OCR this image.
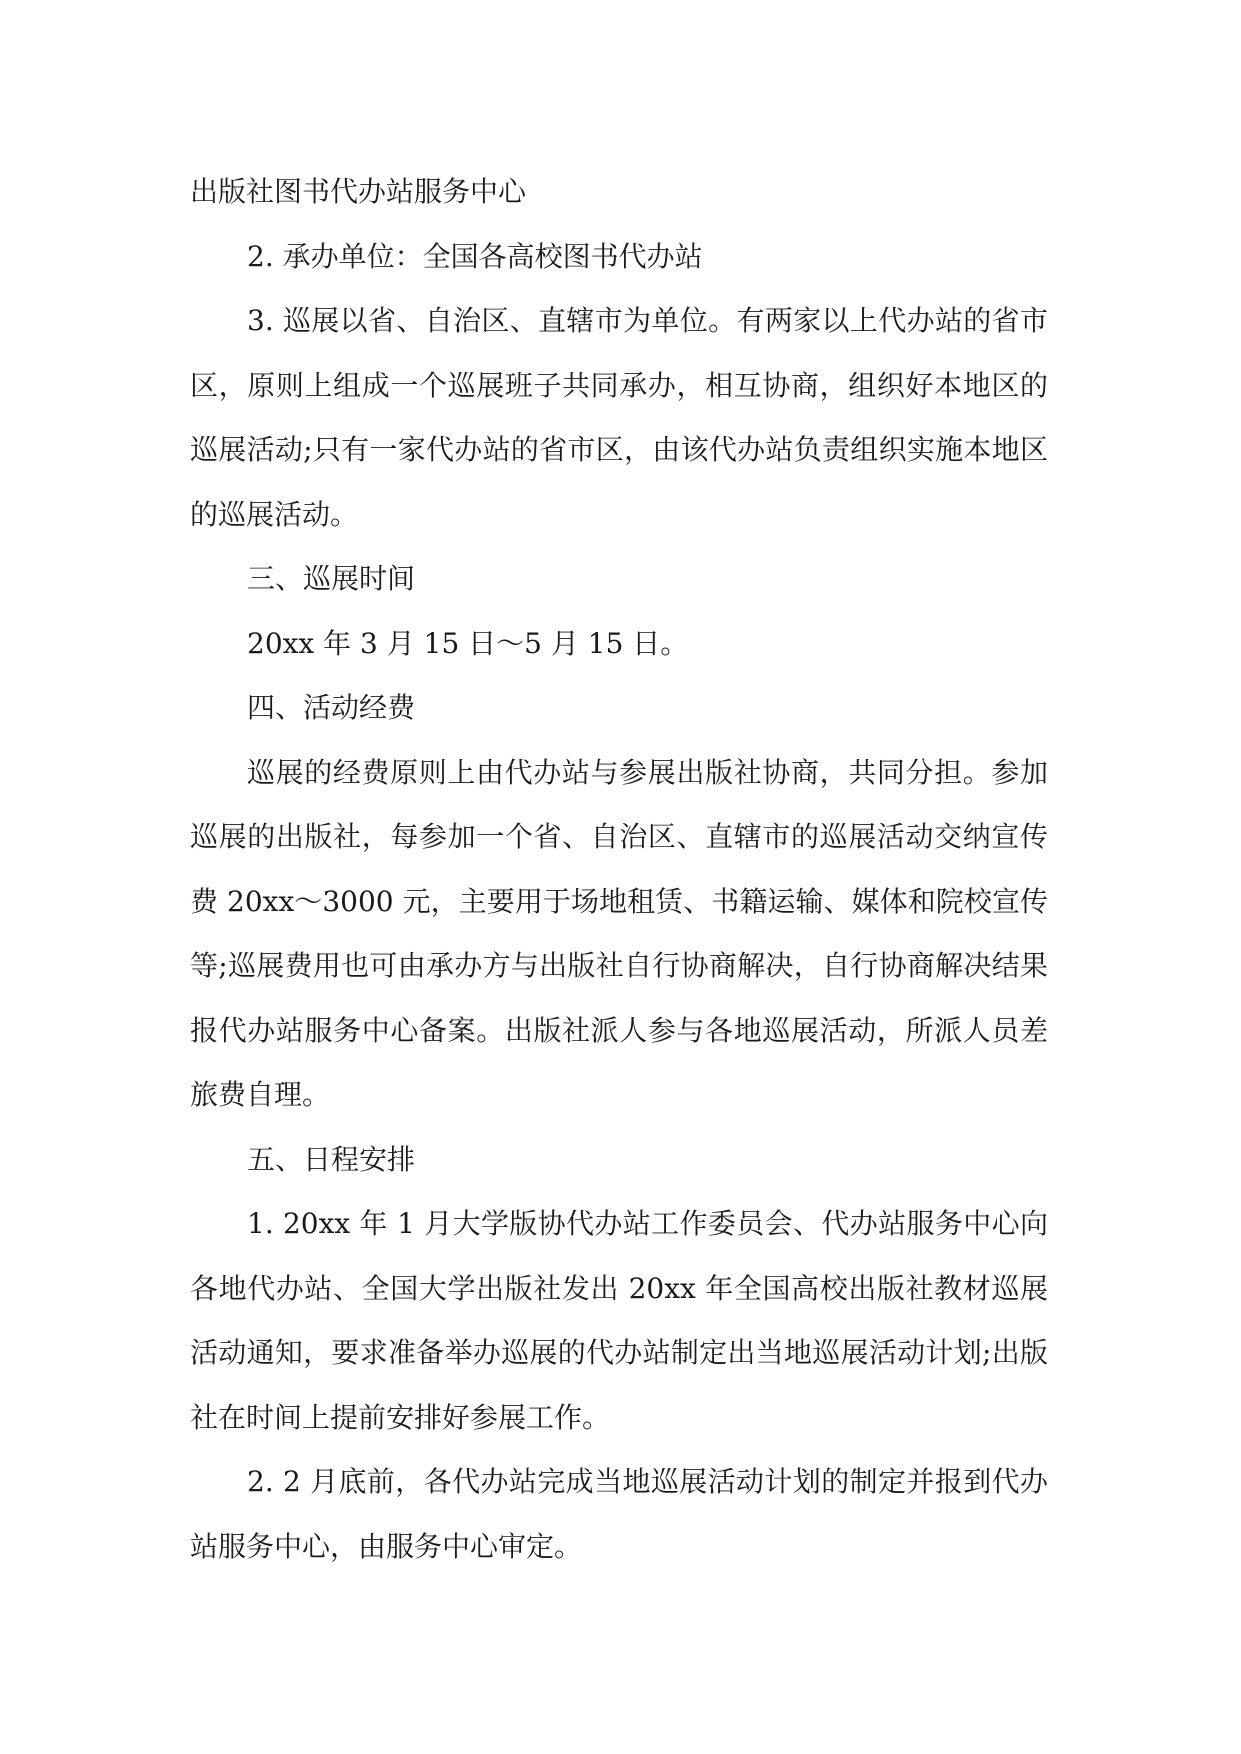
出版社图书代办站服务中心

2. 承办单位：全国各高校图书代办站

3. 巡展以省、自治区、直辖市为单位。有两家以上代办站的省市区，原则上组成一个巡展班子共同承办，相互协商，组织好本地区的巡展活动;只有一家代办站的省市区，由该代办站负责组织实施本地区的巡展活动。

三、巡展时间

20xx 年 3 月 15 日～5 月 15 日。

四、活动经费

巡展的经费原则上由代办站与参展出版社协商，共同分担。参加巡展的出版社，每参加一个省、自治区、直辖市的巡展活动交纳宣传费 20xx～3000 元，主要用于场地租赁、书籍运输、媒体和院校宣传等;巡展费用也可由承办方与出版社自行协商解决，自行协商解决结果报代办站服务中心备案。出版社派人参与各地巡展活动，所派人员差旅费自理。

五、日程安排

1. 20xx 年 1 月大学版协代办站工作委员会、代办站服务中心向各地代办站、全国大学出版社发出 20xx 年全国高校出版社教材巡展活动通知，要求准备举办巡展的代办站制定出当地巡展活动计划;出版社在时间上提前安排好参展工作。

2. 2 月底前，各代办站完成当地巡展活动计划的制定并报到代办站服务中心，由服务中心审定。
